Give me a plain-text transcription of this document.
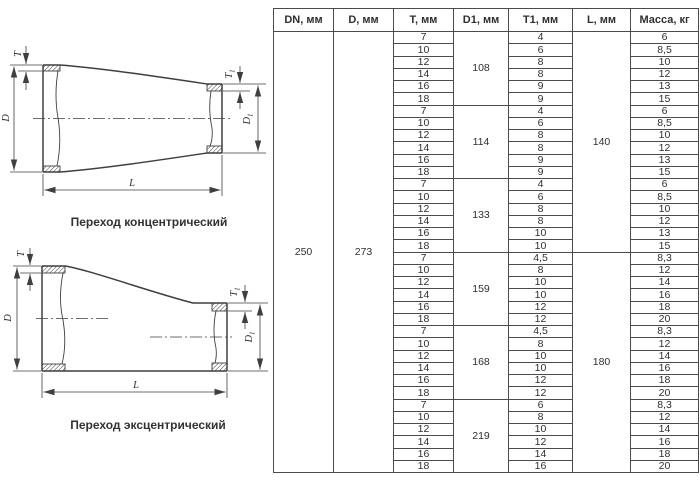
T
D
$T_1$
$D_1$
L
Переход концентрический
T
D
$T_1$
$D_1$
L
Переход эксцентрический
DN, мм	D, мм	T, мм	D1, мм	T1, мм	L, мм	Масса, кг
250	273	7	108	4	140	6
		10		6		8,5
		12		8		10
		14		8		12
		16		9		13
		18		9		15
		7	114	4		6
		10		6		8,5
		12		8		10
		14		8		12
		16		9		13
		18		9		15
		7	133	4		6
		10		6		8,5
		12		8		10
		14		8		12
		16		10		13
		18		10		15
		7	159	4,5	180	8,3
		10		8		12
		12		10		14
		14		10		16
		16		12		18
		18		12		20
		7	168	4,5		8,3
		10		8		12
		12		10		14
		14		10		16
		16		12		18
		18		12		20
		7	219	6		8,3
		10		8		12
		12		10		14
		14		12		16
		16		14		18
		18		16		20
